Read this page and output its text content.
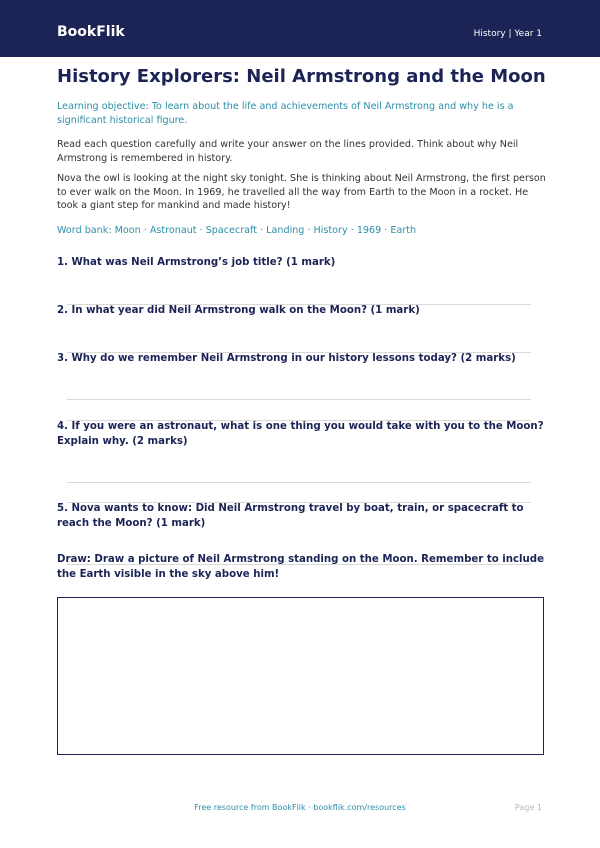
BookFlik	History | Year 1
History Explorers: Neil Armstrong and the Moon
Learning objective: To learn about the life and achievements of Neil Armstrong and why he is a significant historical figure.
Read each question carefully and write your answer on the lines provided. Think about why Neil Armstrong is remembered in history.
Nova the owl is looking at the night sky tonight. She is thinking about Neil Armstrong, the first person to ever walk on the Moon. In 1969, he travelled all the way from Earth to the Moon in a rocket. He took a giant step for mankind and made history!
Word bank: Moon · Astronaut · Spacecraft · Landing · History · 1969 · Earth
1. What was Neil Armstrong’s job title? (1 mark)
2. In what year did Neil Armstrong walk on the Moon? (1 mark)
3. Why do we remember Neil Armstrong in our history lessons today? (2 marks)
4. If you were an astronaut, what is one thing you would take with you to the Moon? Explain why. (2 marks)
5. Nova wants to know: Did Neil Armstrong travel by boat, train, or spacecraft to reach the Moon? (1 mark)
Draw: Draw a picture of Neil Armstrong standing on the Moon. Remember to include the Earth visible in the sky above him!
Free resource from BookFlik · bookflik.com/resources	Page 1
